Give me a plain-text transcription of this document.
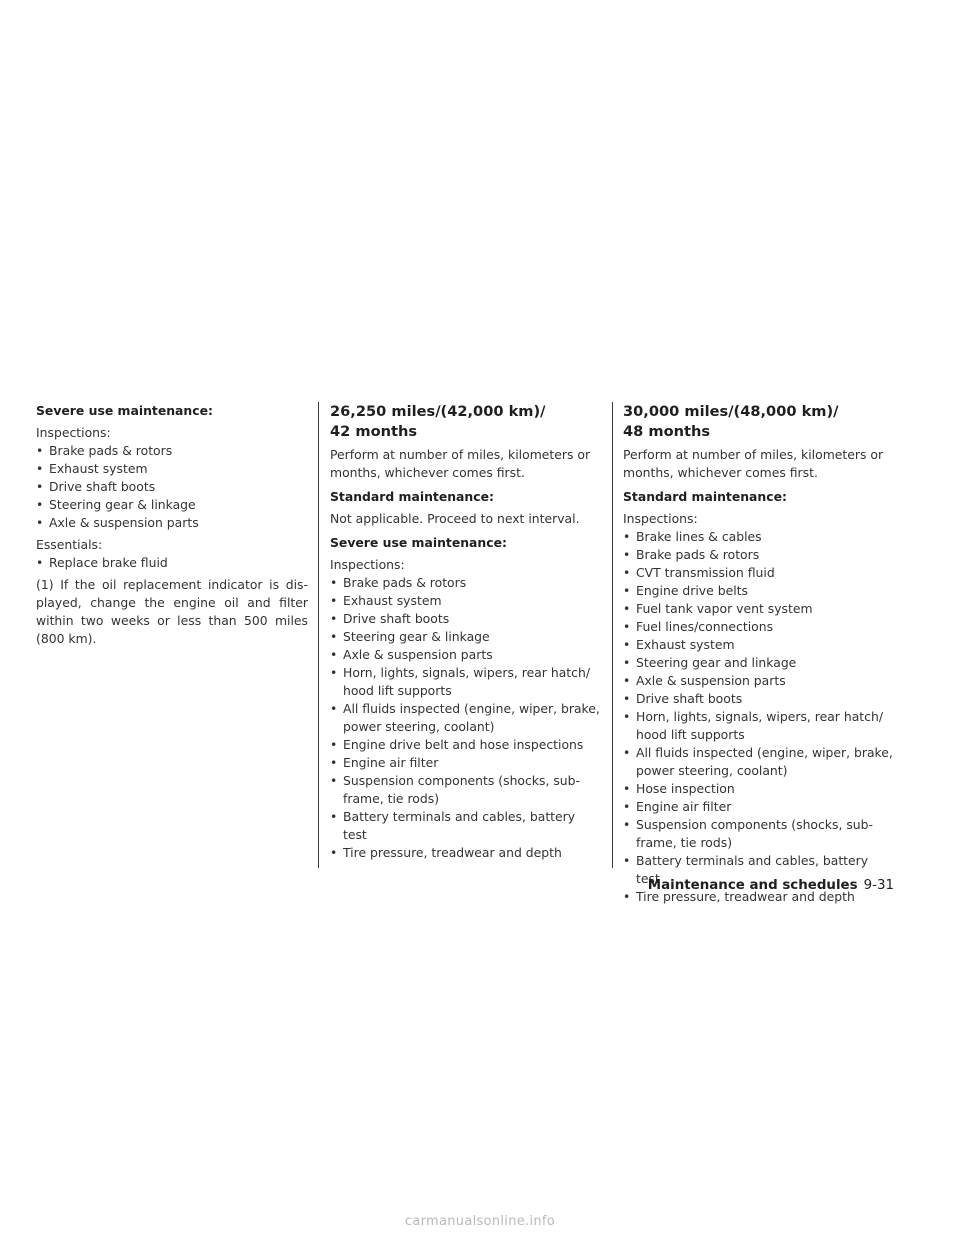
Severe use maintenance:
Inspections:
• Brake pads & rotors
• Exhaust system
• Drive shaft boots
• Steering gear & linkage
• Axle & suspension parts
Essentials:
• Replace brake fluid
(1) If the oil replacement indicator is dis-played, change the engine oil and filter within two weeks or less than 500 miles (800 km).
26,250 miles/(42,000 km)/
42 months
Perform at number of miles, kilometers or months, whichever comes first.
Standard maintenance:
Not applicable. Proceed to next interval.
Severe use maintenance:
Inspections:
• Brake pads & rotors
• Exhaust system
• Drive shaft boots
• Steering gear & linkage
• Axle & suspension parts
• Horn, lights, signals, wipers, rear hatch/ hood lift supports
• All fluids inspected (engine, wiper, brake, power steering, coolant)
• Engine drive belt and hose inspections
• Engine air filter
• Suspension components (shocks, sub-frame, tie rods)
• Battery terminals and cables, battery test
• Tire pressure, treadwear and depth
30,000 miles/(48,000 km)/
48 months
Perform at number of miles, kilometers or months, whichever comes first.
Standard maintenance:
Inspections:
• Brake lines & cables
• Brake pads & rotors
• CVT transmission fluid
• Engine drive belts
• Fuel tank vapor vent system
• Fuel lines/connections
• Exhaust system
• Steering gear and linkage
• Axle & suspension parts
• Drive shaft boots
• Horn, lights, signals, wipers, rear hatch/ hood lift supports
• All fluids inspected (engine, wiper, brake, power steering, coolant)
• Hose inspection
• Engine air filter
• Suspension components (shocks, sub-frame, tie rods)
• Battery terminals and cables, battery test
• Tire pressure, treadwear and depth
Maintenance and schedules 9-31
carmanualsonline.info
